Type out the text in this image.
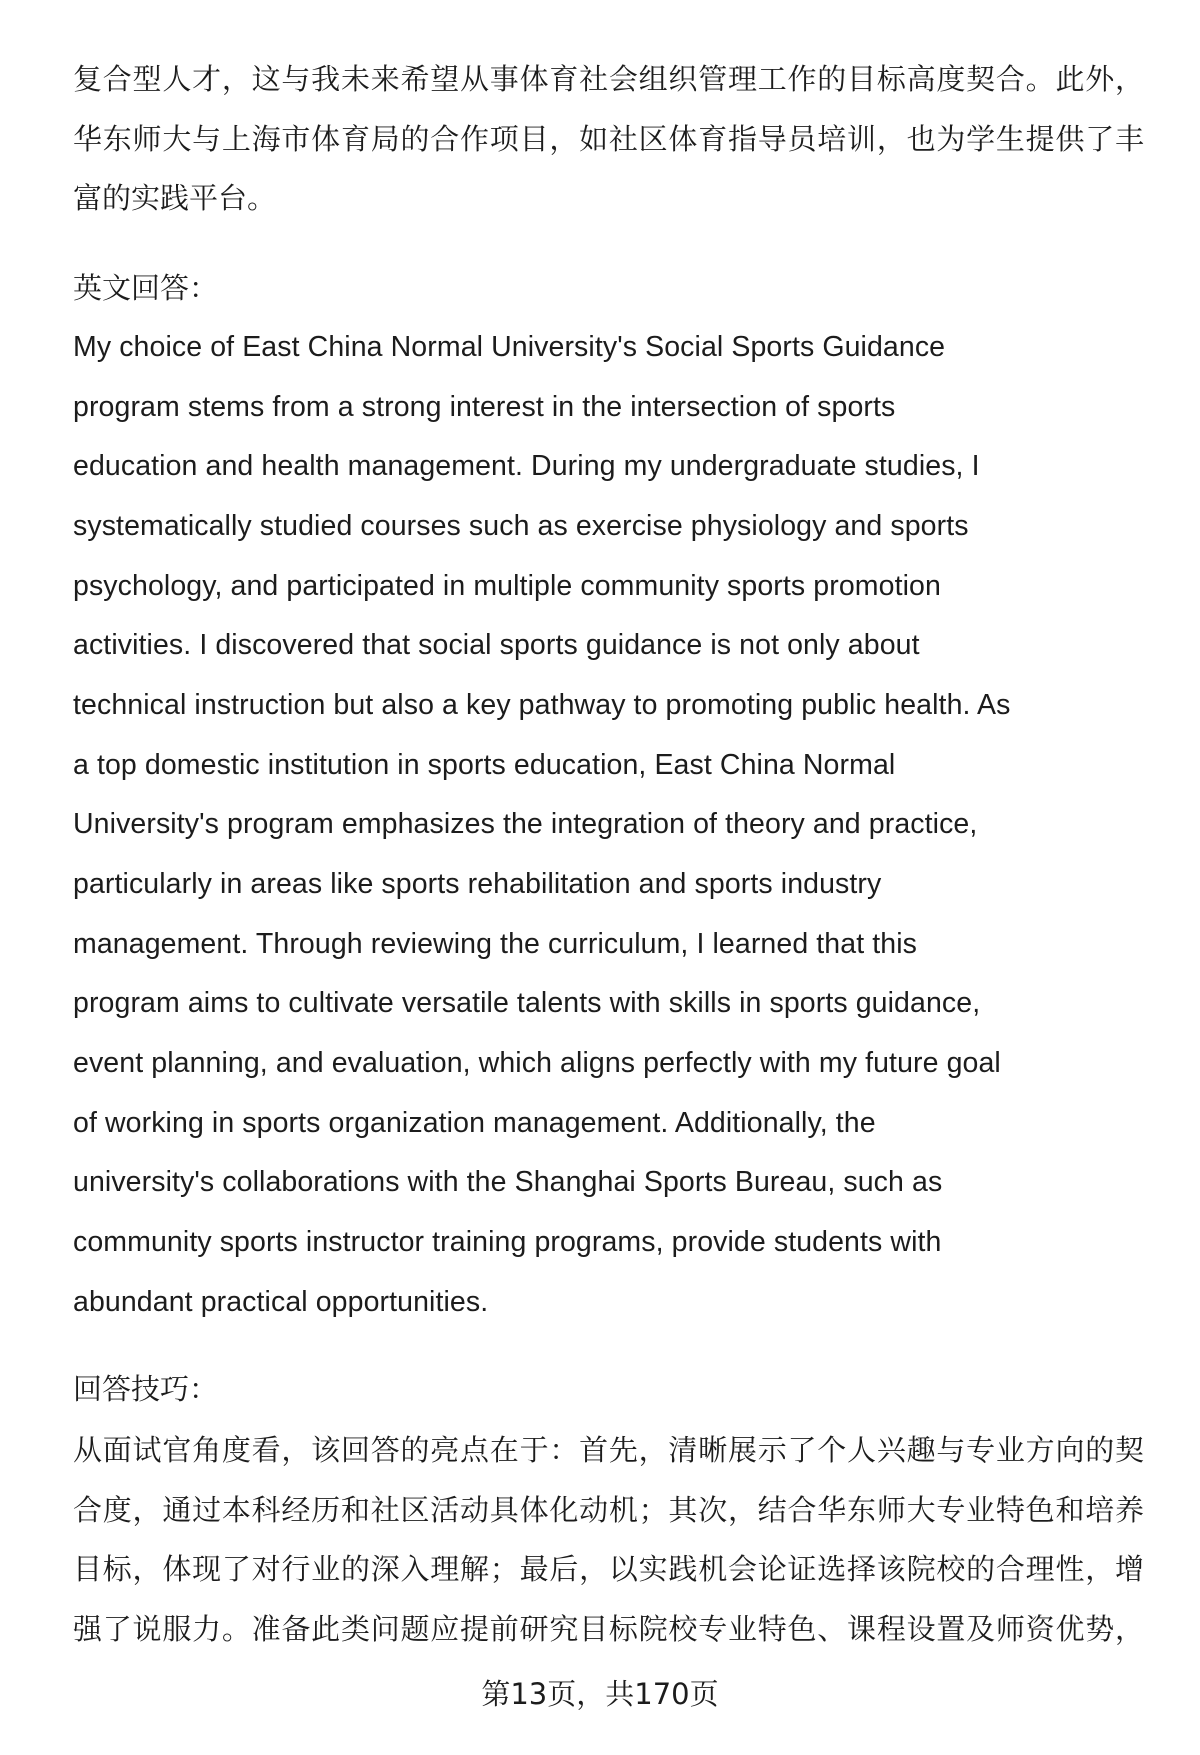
复合型人才，这与我未来希望从事体育社会组织管理工作的目标高度契合。此外，
华东师大与上海市体育局的合作项目，如社区体育指导员培训，也为学生提供了丰
富的实践平台。
英文回答：
My choice of East China Normal University's Social Sports Guidance
program stems from a strong interest in the intersection of sports
education and health management. During my undergraduate studies, I
systematically studied courses such as exercise physiology and sports
psychology, and participated in multiple community sports promotion
activities. I discovered that social sports guidance is not only about
technical instruction but also a key pathway to promoting public health. As
a top domestic institution in sports education, East China Normal
University's program emphasizes the integration of theory and practice,
particularly in areas like sports rehabilitation and sports industry
management. Through reviewing the curriculum, I learned that this
program aims to cultivate versatile talents with skills in sports guidance,
event planning, and evaluation, which aligns perfectly with my future goal
of working in sports organization management. Additionally, the
university's collaborations with the Shanghai Sports Bureau, such as
community sports instructor training programs, provide students with
abundant practical opportunities.
回答技巧：
从面试官角度看，该回答的亮点在于：首先，清晰展示了个人兴趣与专业方向的契
合度，通过本科经历和社区活动具体化动机；其次，结合华东师大专业特色和培养
目标，体现了对行业的深入理解；最后，以实践机会论证选择该院校的合理性，增
强了说服力。准备此类问题应提前研究目标院校专业特色、课程设置及师资优势，
第13页，共170页
